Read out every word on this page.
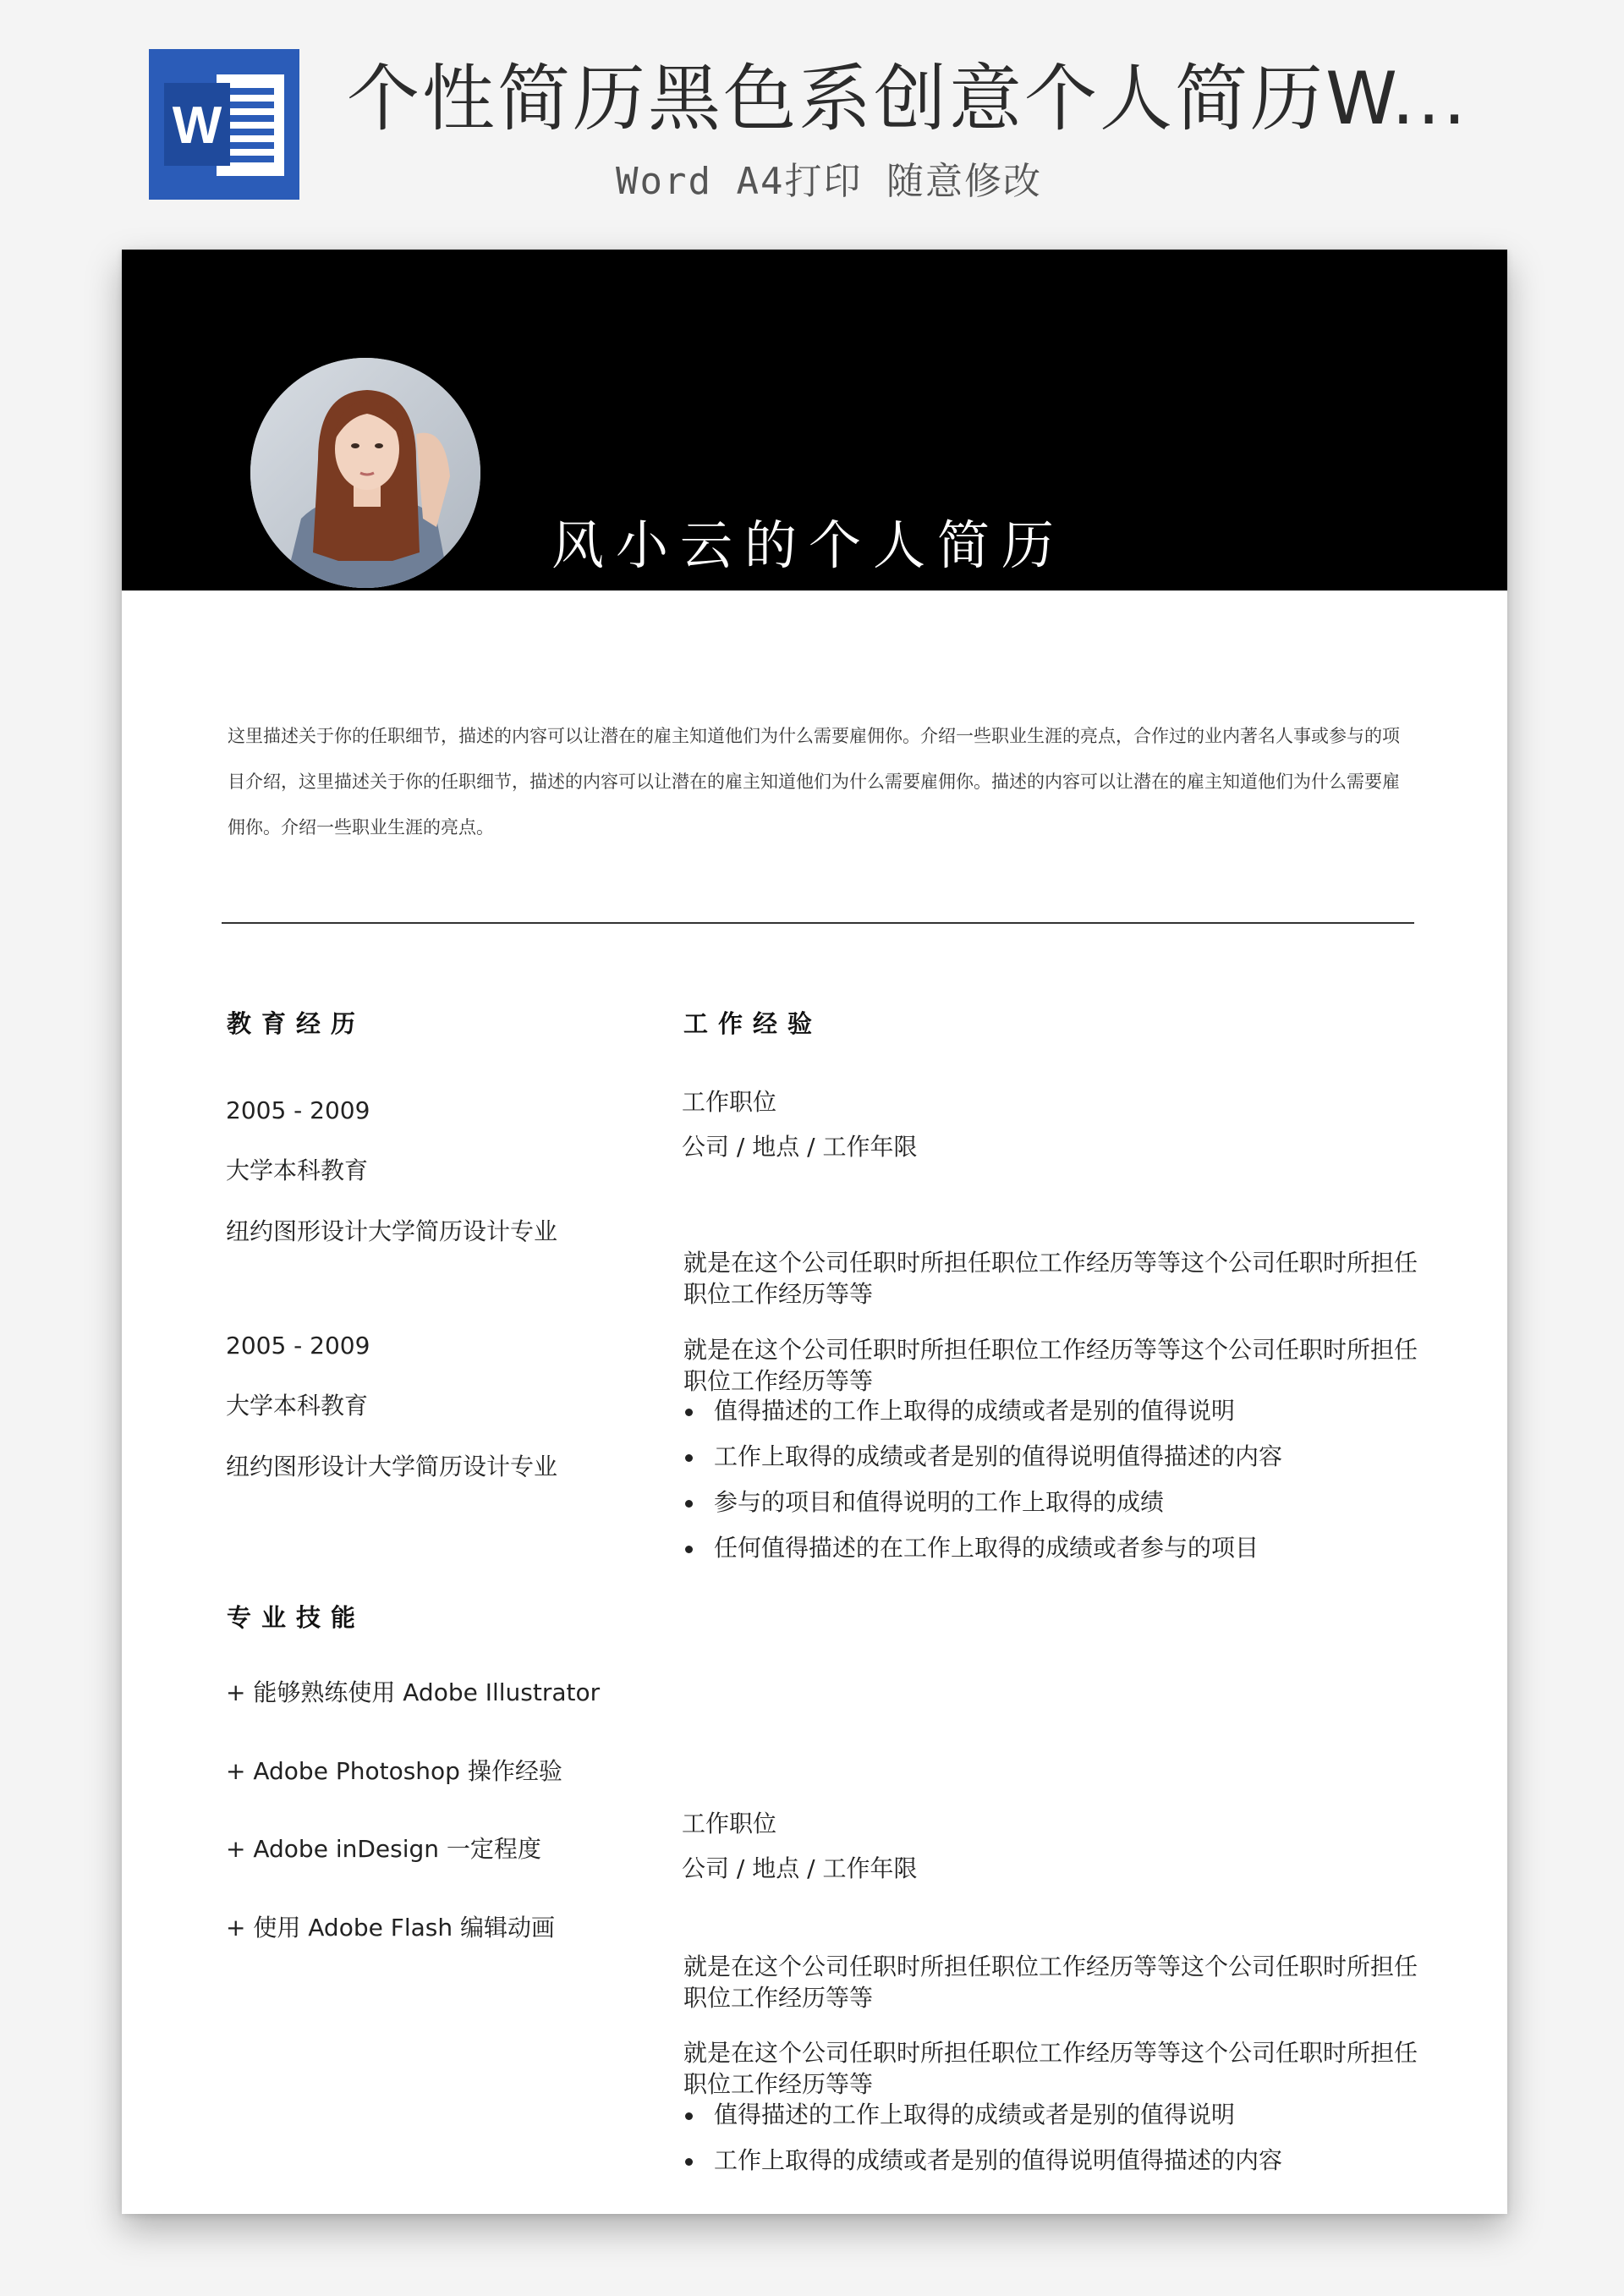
W 个性简历黑色系创意个人简历W...
Word A4打印 随意修改
风小云的个人简历
这里描述关于你的任职细节，描述的内容可以让潜在的雇主知道他们为什么需要雇佣你。介绍一些职业生涯的亮点，合作过的业内著名人事或参与的项目介绍，这里描述关于你的任职细节，描述的内容可以让潜在的雇主知道他们为什么需要雇佣你。描述的内容可以让潜在的雇主知道他们为什么需要雇佣你。介绍一些职业生涯的亮点。
教育经历
2005 - 2009
大学本科教育
纽约图形设计大学简历设计专业
2005 - 2009
大学本科教育
纽约图形设计大学简历设计专业
专业技能
+ 能够熟练使用 Adobe Illustrator
+ Adobe Photoshop 操作经验
+ Adobe inDesign 一定程度
+ 使用 Adobe Flash 编辑动画
工作经验
工作职位
公司 / 地点 / 工作年限
就是在这个公司任职时所担任职位工作经历等等这个公司任职时所担任职位工作经历等等
就是在这个公司任职时所担任职位工作经历等等这个公司任职时所担任职位工作经历等等
值得描述的工作上取得的成绩或者是别的值得说明
工作上取得的成绩或者是别的值得说明值得描述的内容
参与的项目和值得说明的工作上取得的成绩
任何值得描述的在工作上取得的成绩或者参与的项目
工作职位
公司 / 地点 / 工作年限
就是在这个公司任职时所担任职位工作经历等等这个公司任职时所担任职位工作经历等等
就是在这个公司任职时所担任职位工作经历等等这个公司任职时所担任职位工作经历等等
值得描述的工作上取得的成绩或者是别的值得说明
工作上取得的成绩或者是别的值得说明值得描述的内容
